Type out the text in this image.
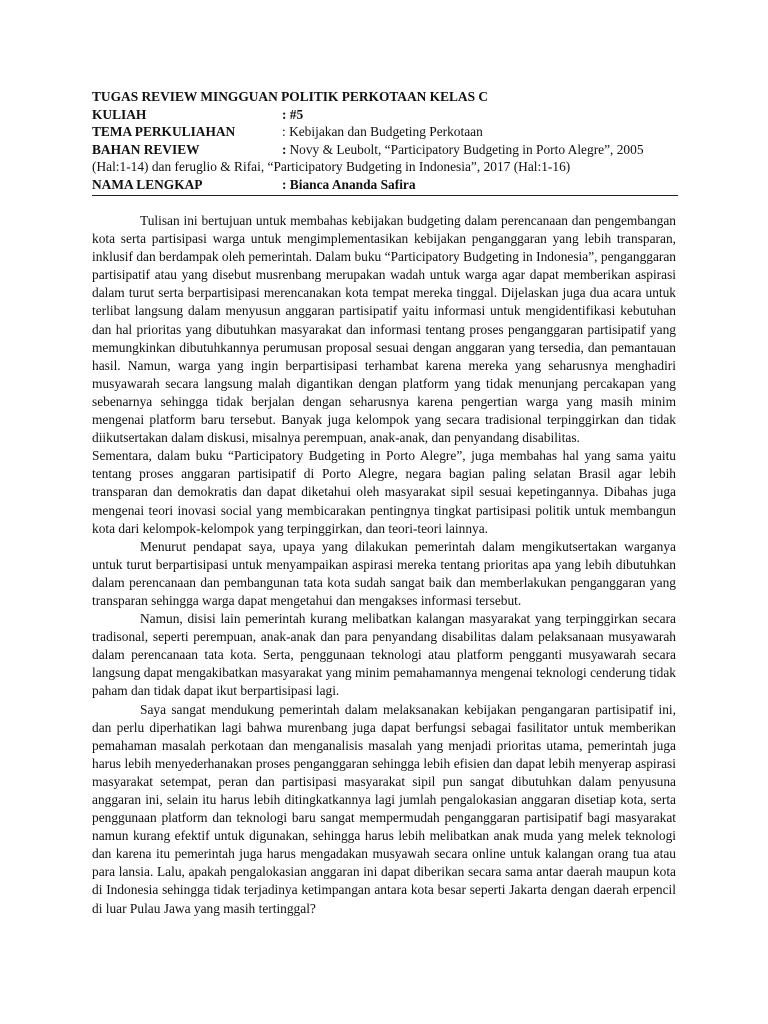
TUGAS REVIEW MINGGUAN POLITIK PERKOTAAN KELAS C
KULIAH	: #5
TEMA PERKULIAHAN	: Kebijakan dan Budgeting Perkotaan
BAHAN REVIEW	: Novy & Leubolt, “Participatory Budgeting in Porto Alegre”, 2005
(Hal:1-14) dan feruglio & Rifai, “Participatory Budgeting in Indonesia”, 2017 (Hal:1-16)
NAMA LENGKAP	: Bianca Ananda Safira

Tulisan ini bertujuan untuk membahas kebijakan budgeting dalam perencanaan dan pengembangan kota serta partisipasi warga untuk mengimplementasikan kebijakan penganggaran yang lebih transparan, inklusif dan berdampak oleh pemerintah. Dalam buku “Participatory Budgeting in Indonesia”, penganggaran partisipatif atau yang disebut musrenbang merupakan wadah untuk warga agar dapat memberikan aspirasi dalam turut serta berpartisipasi merencanakan kota tempat mereka tinggal. Dijelaskan juga dua acara untuk terlibat langsung dalam menyusun anggaran partisipatif yaitu informasi untuk mengidentifikasi kebutuhan dan hal prioritas yang dibutuhkan masyarakat dan informasi tentang proses penganggaran partisipatif yang memungkinkan dibutuhkannya perumusan proposal sesuai dengan anggaran yang tersedia, dan pemantauan hasil. Namun, warga yang ingin berpartisipasi terhambat karena mereka yang seharusnya menghadiri musyawarah secara langsung malah digantikan dengan platform yang tidak menunjang percakapan yang sebenarnya sehingga tidak berjalan dengan seharusnya karena pengertian warga yang masih minim mengenai platform baru tersebut. Banyak juga kelompok yang secara tradisional terpinggirkan dan tidak diikutsertakan dalam diskusi, misalnya perempuan, anak-anak, dan penyandang disabilitas.

Sementara, dalam buku “Participatory Budgeting in Porto Alegre”, juga membahas hal yang sama yaitu tentang proses anggaran partisipatif di Porto Alegre, negara bagian paling selatan Brasil agar lebih transparan dan demokratis dan dapat diketahui oleh masyarakat sipil sesuai kepetingannya. Dibahas juga mengenai teori inovasi social yang membicarakan pentingnya tingkat partisipasi politik untuk membangun kota dari kelompok-kelompok yang terpinggirkan, dan teori-teori lainnya.

Menurut pendapat saya, upaya yang dilakukan pemerintah dalam mengikutsertakan warganya untuk turut berpartisipasi untuk menyampaikan aspirasi mereka tentang prioritas apa yang lebih dibutuhkan dalam perencanaan dan pembangunan tata kota sudah sangat baik dan memberlakukan penganggaran yang transparan sehingga warga dapat mengetahui dan mengakses informasi tersebut.

Namun, disisi lain pemerintah kurang melibatkan kalangan masyarakat yang terpinggirkan secara tradisonal, seperti perempuan, anak-anak dan para penyandang disabilitas dalam pelaksanaan musyawarah dalam perencanaan tata kota. Serta, penggunaan teknologi atau platform pengganti musyawarah secara langsung dapat mengakibatkan masyarakat yang minim pemahamannya mengenai teknologi cenderung tidak paham dan tidak dapat ikut berpartisipasi lagi.

Saya sangat mendukung pemerintah dalam melaksanakan kebijakan pengangaran partisipatif ini, dan perlu diperhatikan lagi bahwa murenbang juga dapat berfungsi sebagai fasilitator untuk memberikan pemahaman masalah perkotaan dan menganalisis masalah yang menjadi prioritas utama, pemerintah juga harus lebih menyederhanakan proses penganggaran sehingga lebih efisien dan dapat lebih menyerap aspirasi masyarakat setempat, peran dan partisipasi masyarakat sipil pun sangat dibutuhkan dalam penyusuna anggaran ini, selain itu harus lebih ditingkatkannya lagi jumlah pengalokasian anggaran disetiap kota, serta penggunaan platform dan teknologi baru sangat mempermudah penganggaran partisipatif bagi masyarakat namun kurang efektif untuk digunakan, sehingga harus lebih melibatkan anak muda yang melek teknologi dan karena itu pemerintah juga harus mengadakan musyawah secara online untuk kalangan orang tua atau para lansia. Lalu, apakah pengalokasian anggaran ini dapat diberikan secara sama antar daerah maupun kota di Indonesia sehingga tidak terjadinya ketimpangan antara kota besar seperti Jakarta dengan daerah erpencil di luar Pulau Jawa yang masih tertinggal?
